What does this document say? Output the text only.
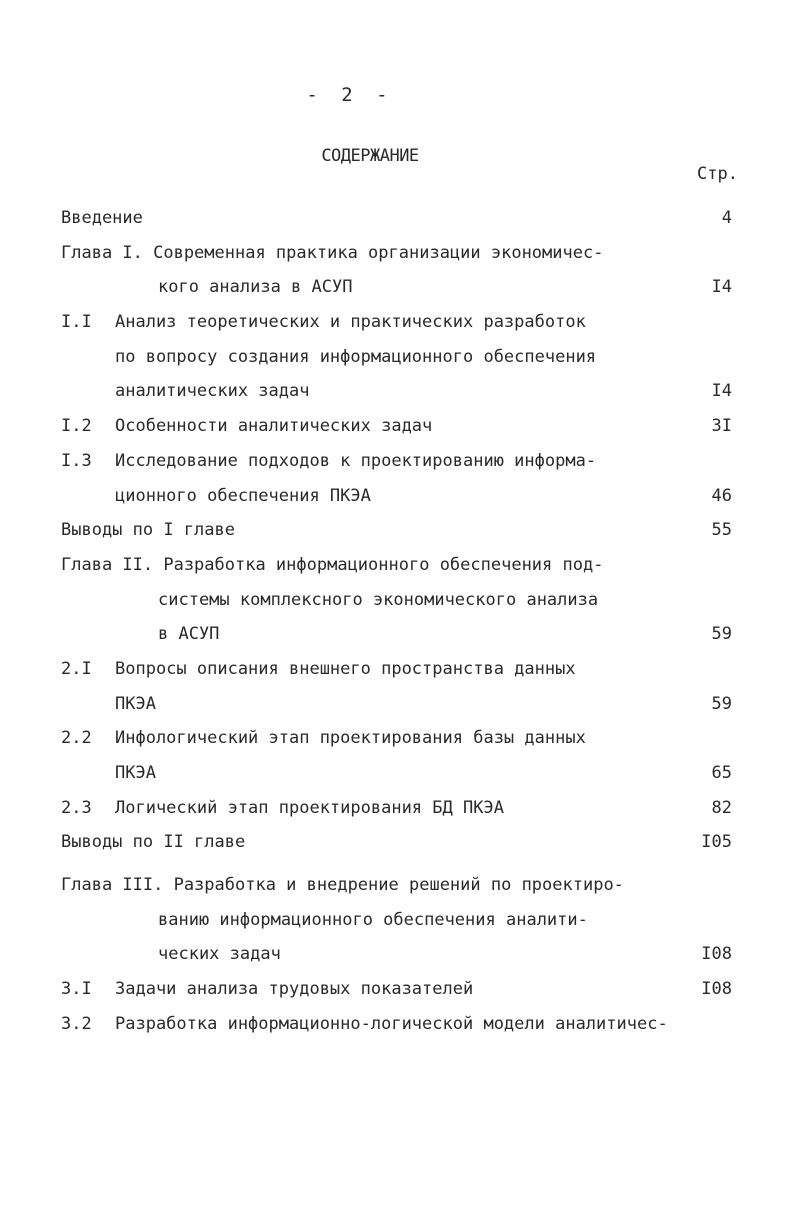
- 2 -
СОДЕРЖАНИЕ
Стр.
Введение	4
Глава I. Современная практика организации экономичес-
кого анализа в АСУП	I4
I.I Анализ теоретических и практических разработок
по вопросу создания информационного обеспечения
аналитических задач	I4
I.2 Особенности аналитических задач	3I
I.3 Исследование подходов к проектированию информа-
ционного обеспечения ПКЭА	46
Выводы по I главе	55
Глава II. Разработка информационного обеспечения под-
системы комплексного экономического анализа
в АСУП	59
2.I Вопросы описания внешнего пространства данных
ПКЭА	59
2.2 Инфологический этап проектирования базы данных
ПКЭА	65
2.3 Логический этап проектирования БД ПКЭА	82
Выводы по II главе	I05
Глава III. Разработка и внедрение решений по проектиро-
ванию информационного обеспечения аналити-
ческих задач	I08
3.I Задачи анализа трудовых показателей	I08
3.2 Разработка информационно-логической модели аналитичес-
